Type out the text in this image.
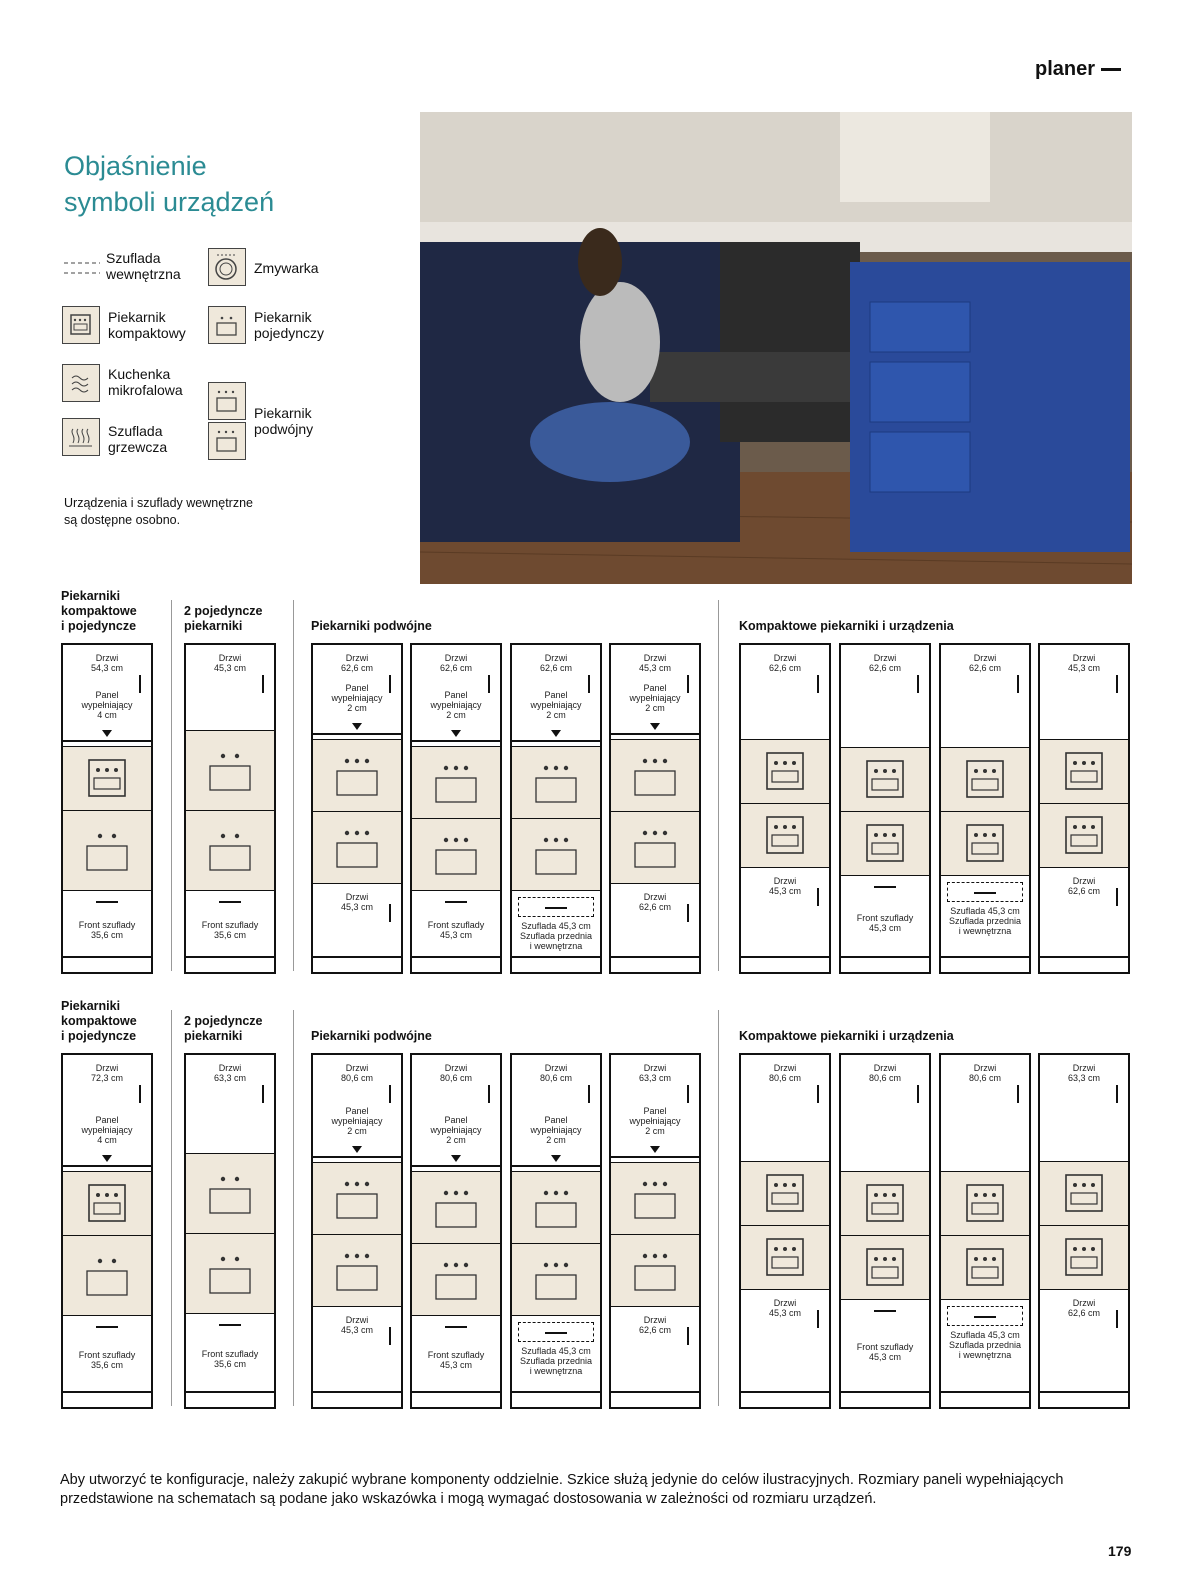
planer
Objaśnienie
symboli urządzeń
Szuflada
wewnętrzna	Zmywarka
Piekarnik
kompaktowy
Piekarnik
pojedynczy
Kuchenka
mikrofalowa
Piekarnik
podwójny
Szuflada
grzewcza
Urządzenia i szuflady wewnętrzne
są dostępne osobno.
Piekarniki
kompaktowe
i pojedyncze
2 pojedyncze
piekarniki	Piekarniki podwójne	Kompaktowe piekarniki i urządzenia
Drzwi
54,3 cm
Panel
wypełniający
4 cm
Front szuflady
35,6 cm
Drzwi
45,3 cm
Front szuflady
35,6 cm
Drzwi
62,6 cm
Panel
wypełniający
2 cm
Drzwi
45,3 cm
Drzwi
62,6 cm
Panel
wypełniający
2 cm
Front szuflady
45,3 cm
Drzwi
62,6 cm
Panel
wypełniający
2 cm
Szuflada 45,3 cm
Szuflada przednia
i wewnętrzna
Drzwi
45,3 cm
Panel
wypełniający
2 cm
Drzwi
62,6 cm
Drzwi
62,6 cm
Drzwi
45,3 cm
Drzwi
62,6 cm
Front szuflady
45,3 cm
Drzwi
62,6 cm
Szuflada 45,3 cm
Szuflada przednia
i wewnętrzna
Drzwi
45,3 cm
Drzwi
62,6 cm
Piekarniki
kompaktowe
i pojedyncze
2 pojedyncze
piekarniki	Piekarniki podwójne	Kompaktowe piekarniki i urządzenia
Drzwi
72,3 cm
Panel
wypełniający
4 cm
Front szuflady
35,6 cm
Drzwi
63,3 cm
Front szuflady
35,6 cm
Drzwi
80,6 cm
Panel
wypełniający
2 cm
Drzwi
45,3 cm
Drzwi
80,6 cm
Panel
wypełniający
2 cm
Front szuflady
45,3 cm
Drzwi
80,6 cm
Panel
wypełniający
2 cm
Szuflada 45,3 cm
Szuflada przednia
i wewnętrzna
Drzwi
63,3 cm
Panel
wypełniający
2 cm
Drzwi
62,6 cm
Drzwi
80,6 cm
Drzwi
45,3 cm
Drzwi
80,6 cm
Front szuflady
45,3 cm
Drzwi
80,6 cm
Szuflada 45,3 cm
Szuflada przednia
i wewnętrzna
Drzwi
63,3 cm
Drzwi
62,6 cm
Aby utworzyć te konfiguracje, należy zakupić wybrane komponenty oddzielnie. Szkice służą jedynie do celów ilustracyjnych. Rozmiary paneli wypełniających przedstawione na schematach są podane jako wskazówka i mogą wymagać dostosowania w zależności od rozmiaru urządzeń.
179
